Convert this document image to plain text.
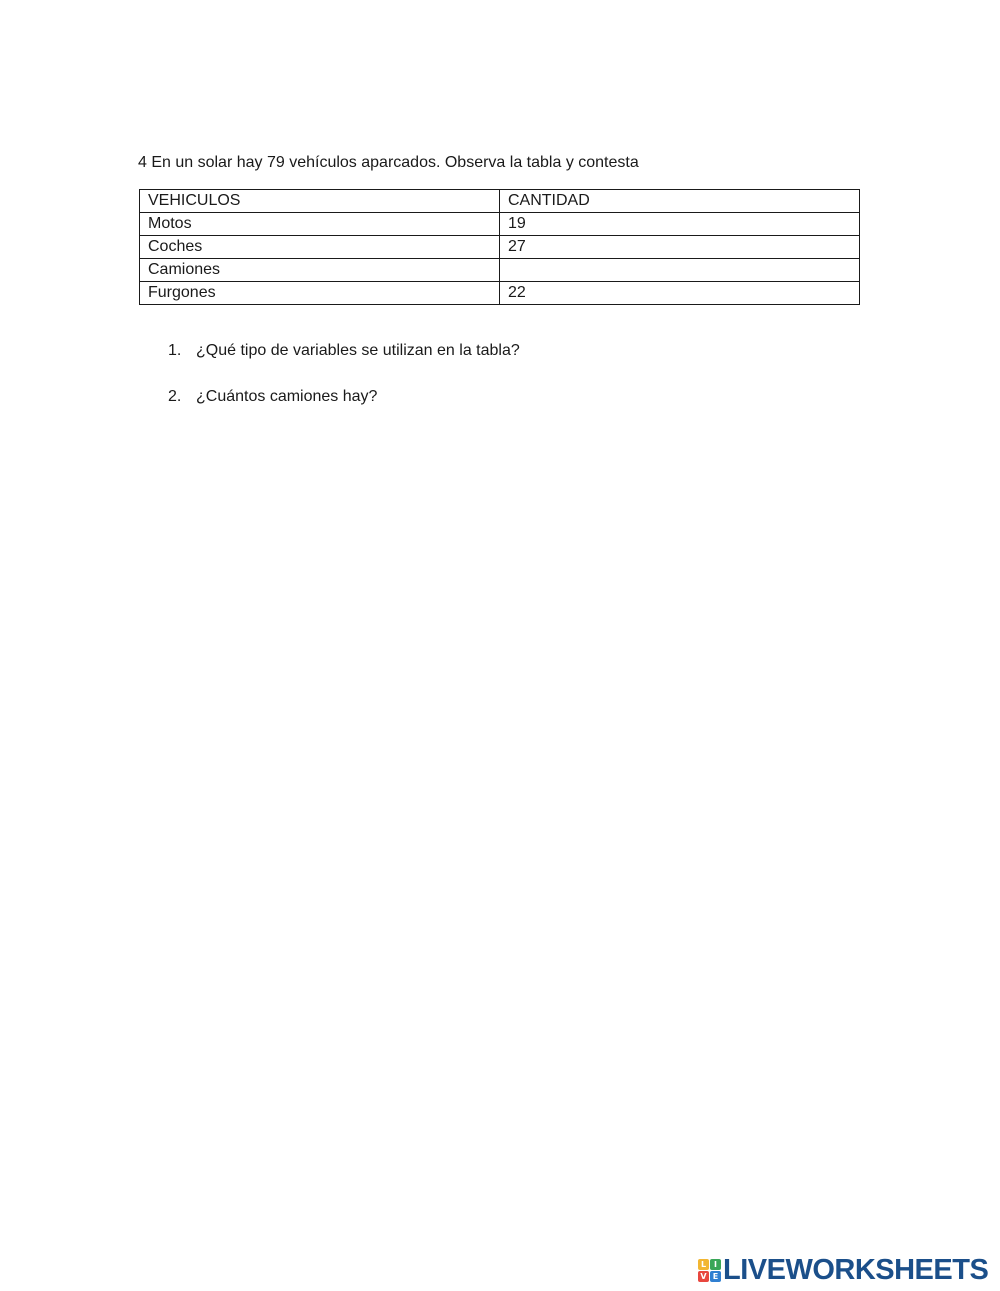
4 En un solar hay 79 vehículos aparcados. Observa la tabla y contesta
VEHICULOS	CANTIDAD
Motos	19
Coches	27
Camiones	
Furgones	22
1. ¿Qué tipo de variables se utilizan en la tabla?
2. ¿Cuántos camiones hay?
L I
V E LIVEWORKSHEETS
